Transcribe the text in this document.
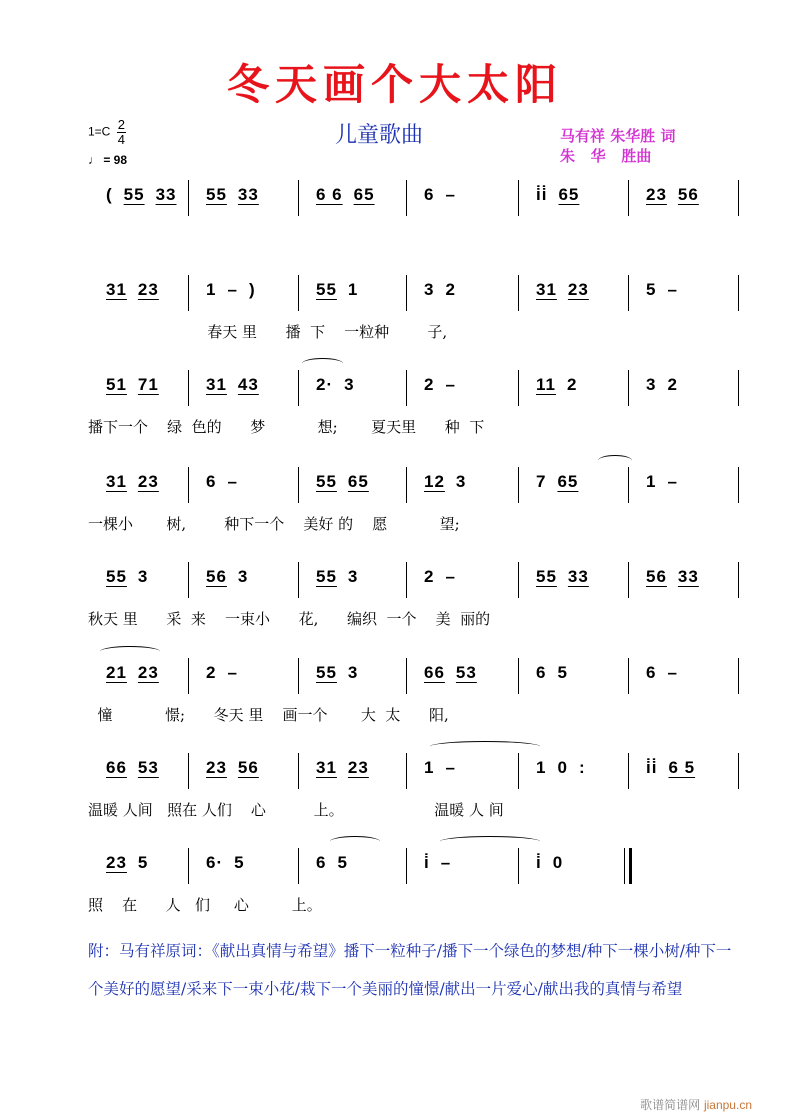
冬天画个大太阳
儿童歌曲	马有祥 朱华胜 词
朱   华   胜曲
$1=C \frac{2}{4}$
♩ = 98
( 55 33 55 33	6 6 65	6 –	i̇i̇ 65	23 56
31 23	1 – )	55 1	3 2	31 23	5 –
春天 里      播  下    一粒种        子,
51 71	31 43	2· 3	2 –	11 2	3 2
播下一个    绿  色的      梦           想;       夏天里      种  下
31 23	6 –	55 65	12 3	7 65	1 –
一棵小       树,        种下一个    美好 的    愿           望;
55 3	56 3	55 3	2 –	55 33	56 33
秋天 里      采  来    一束小      花,      编织  一个    美  丽的
21 23	2 –	55 3	66 53	6 5	6 –
憧           憬;      冬天 里    画一个       大  太      阳,
66 53	23 56	31 23	1 –	1 0 :	i̇i̇ 6 5
温暖 人间   照在 人们    心          上。                   温暖 人 间
23 5	6· 5	6 5	i̇ –	i̇ 0
照    在      人   们     心         上。
附：马有祥原词：《献出真情与希望》播下一粒种子/播下一个绿色的梦想/种下一棵小树/种下一个美好的愿望/采来下一束小花/栽下一个美丽的憧憬/献出一片爱心/献出我的真情与希望
歌谱简谱网 jianpu.cn
